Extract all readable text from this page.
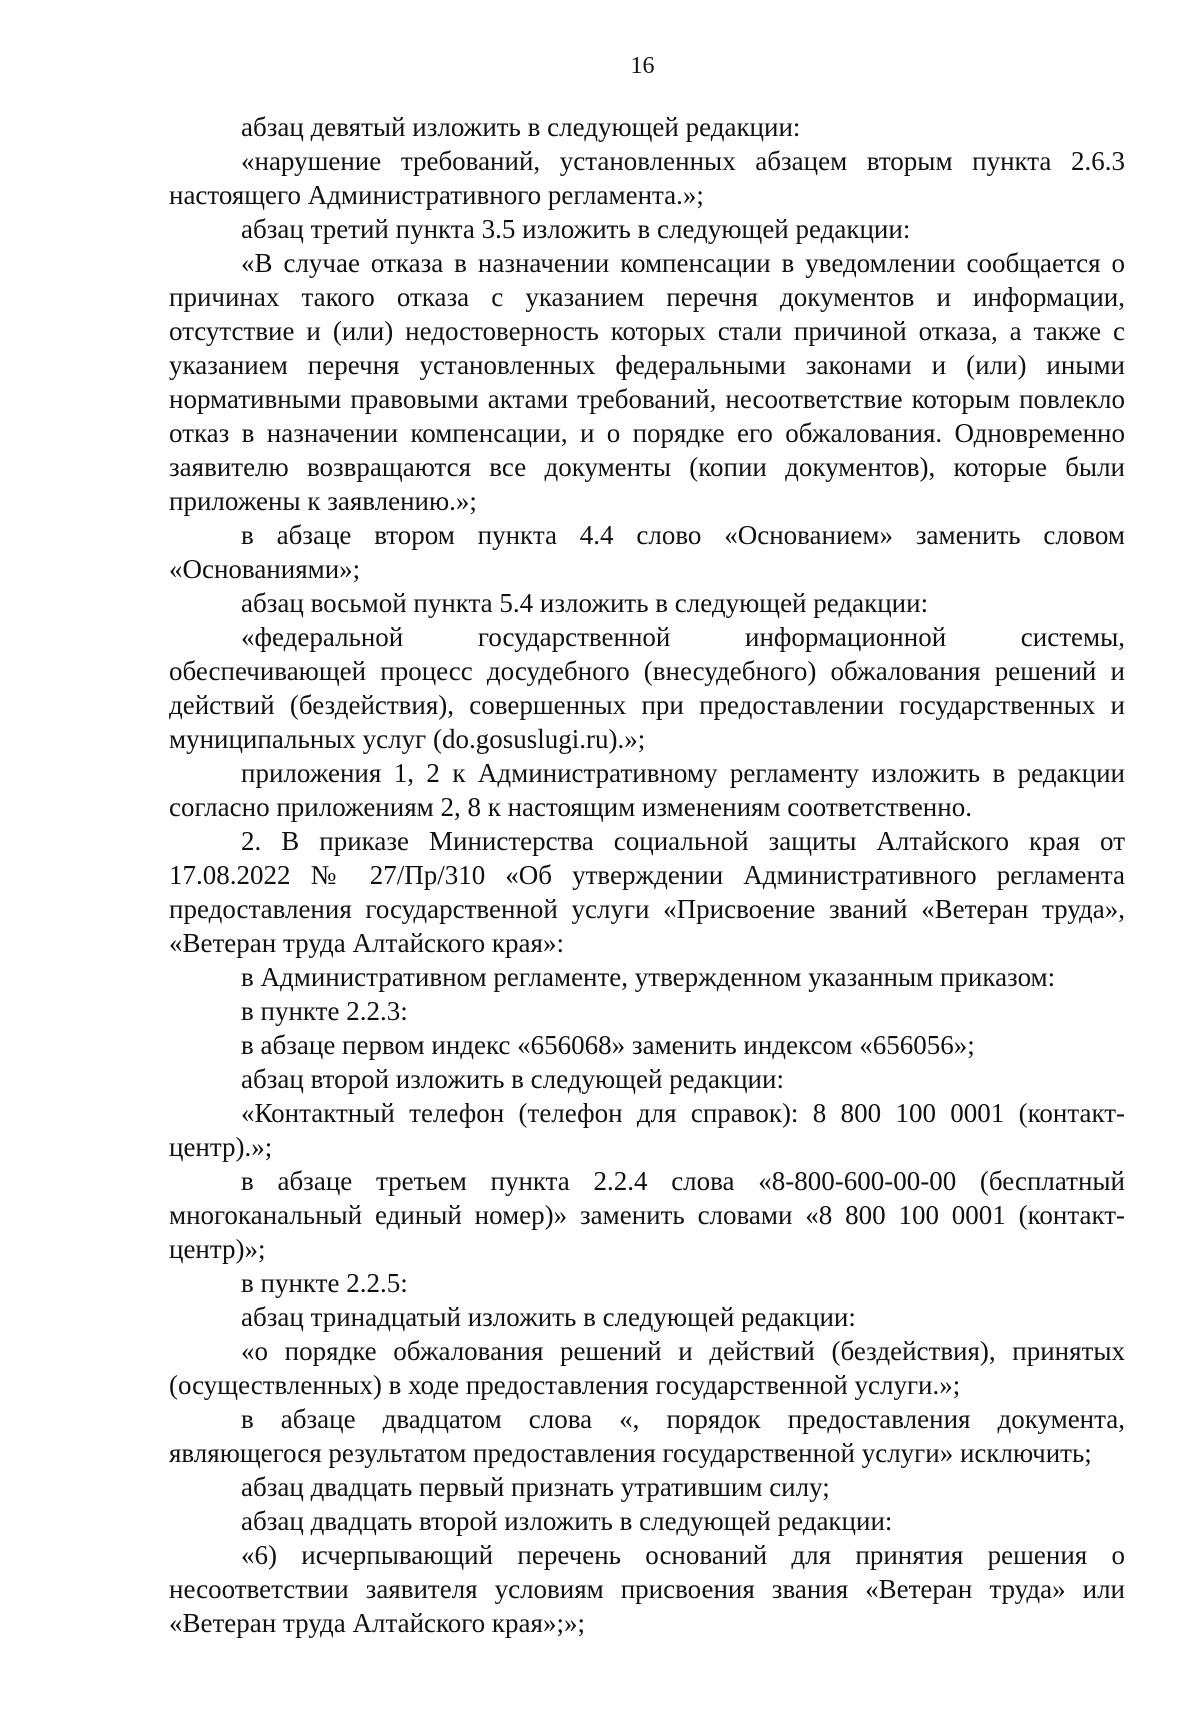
16

абзац девятый изложить в следующей редакции:

«нарушение требований, установленных абзацем вторым пункта 2.6.3 настоящего Административного регламента.»;

абзац третий пункта 3.5 изложить в следующей редакции:

«В случае отказа в назначении компенсации в уведомлении сообщается о причинах такого отказа с указанием перечня документов и информации, отсутствие и (или) недостоверность которых стали причиной отказа, а также с указанием перечня установленных федеральными законами и (или) иными нормативными правовыми актами требований, несоответствие которым повлекло отказ в назначении компенсации, и о порядке его обжалования. Одновременно заявителю возвращаются все документы (копии документов), которые были приложены к заявлению.»;

в абзаце втором пункта 4.4 слово «Основанием» заменить словом «Основаниями»;

абзац восьмой пункта 5.4 изложить в следующей редакции:

«федеральной государственной информационной системы, обеспечивающей процесс досудебного (внесудебного) обжалования решений и действий (бездействия), совершенных при предоставлении государственных и муниципальных услуг (do.gosuslugi.ru).»;

приложения 1, 2 к Административному регламенту изложить в редакции согласно приложениям 2, 8 к настоящим изменениям соответственно.

2. В приказе Министерства социальной защиты Алтайского края от 17.08.2022 № 27/Пр/310 «Об утверждении Административного регламента предоставления государственной услуги «Присвоение званий «Ветеран труда», «Ветеран труда Алтайского края»:

в Административном регламенте, утвержденном указанным приказом:

в пункте 2.2.3:

в абзаце первом индекс «656068» заменить индексом «656056»;

абзац второй изложить в следующей редакции:

«Контактный телефон (телефон для справок): 8 800 100 0001 (контакт-центр).»;

в абзаце третьем пункта 2.2.4 слова «8-800-600-00-00 (бесплатный многоканальный единый номер)» заменить словами «8 800 100 0001 (контакт-центр)»;

в пункте 2.2.5:

абзац тринадцатый изложить в следующей редакции:

«о порядке обжалования решений и действий (бездействия), принятых (осуществленных) в ходе предоставления государственной услуги.»;

в абзаце двадцатом слова «, порядок предоставления документа, являющегося результатом предоставления государственной услуги» исключить;

абзац двадцать первый признать утратившим силу;

абзац двадцать второй изложить в следующей редакции:

«6) исчерпывающий перечень оснований для принятия решения о несоответствии заявителя условиям присвоения звания «Ветеран труда» или «Ветеран труда Алтайского края»;»;
